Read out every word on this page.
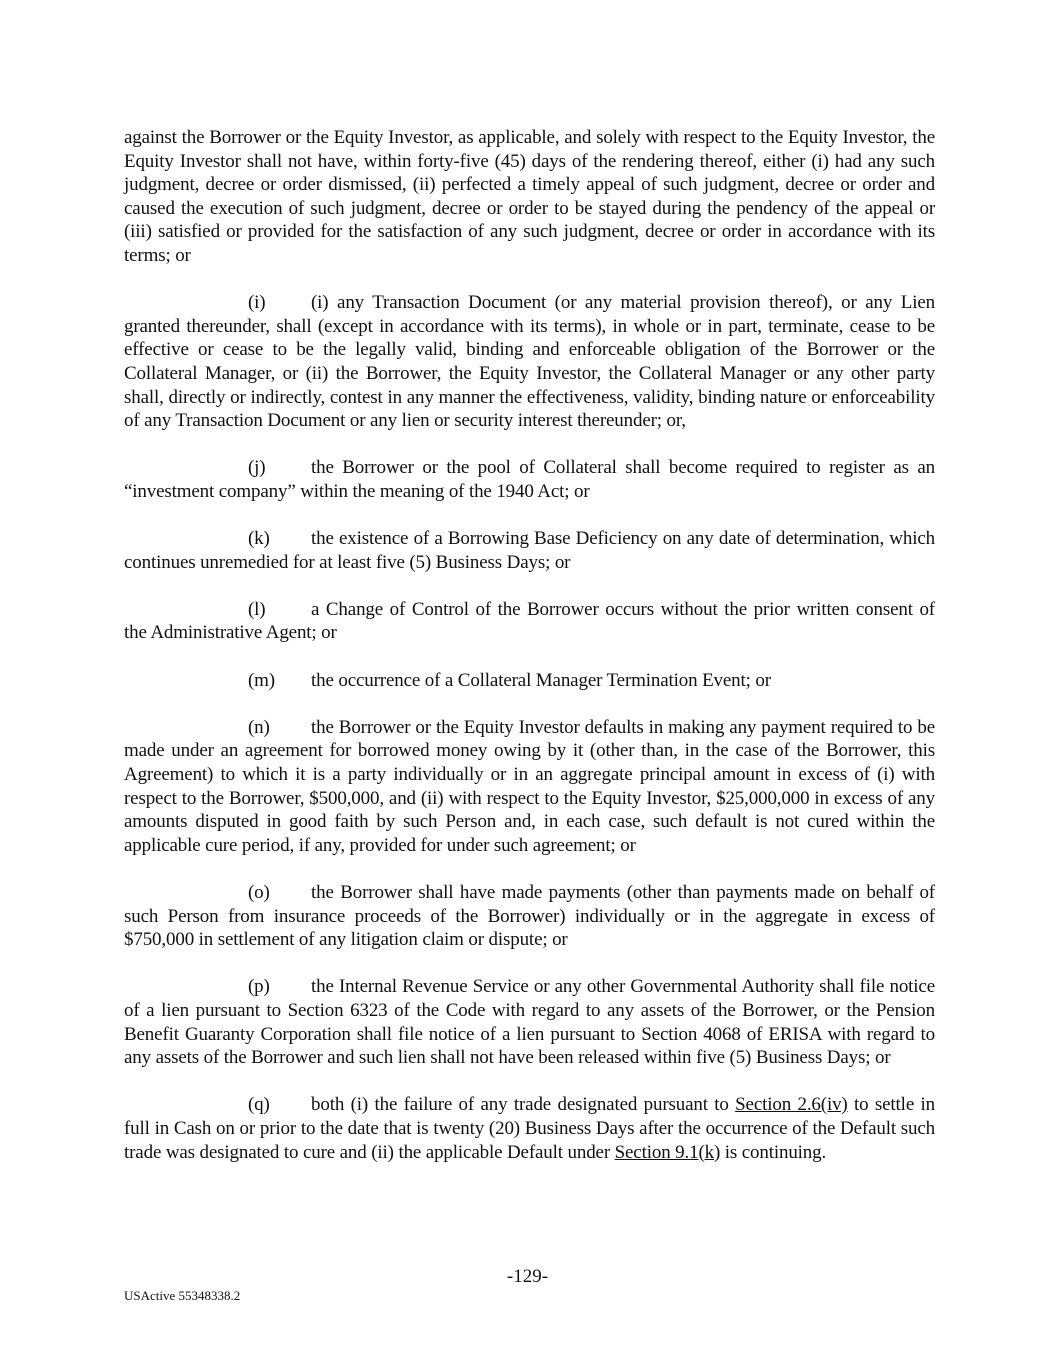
against the Borrower or the Equity Investor, as applicable, and solely with respect to the Equity Investor, the Equity Investor shall not have, within forty-five (45) days of the rendering thereof, either (i) had any such judgment, decree or order dismissed, (ii) perfected a timely appeal of such judgment, decree or order and caused the execution of such judgment, decree or order to be stayed during the pendency of the appeal or (iii) satisfied or provided for the satisfaction of any such judgment, decree or order in accordance with its terms; or

(i) (i) any Transaction Document (or any material provision thereof), or any Lien granted thereunder, shall (except in accordance with its terms), in whole or in part, terminate, cease to be effective or cease to be the legally valid, binding and enforceable obligation of the Borrower or the Collateral Manager, or (ii) the Borrower, the Equity Investor, the Collateral Manager or any other party shall, directly or indirectly, contest in any manner the effectiveness, validity, binding nature or enforceability of any Transaction Document or any lien or security interest thereunder; or,

(j) the Borrower or the pool of Collateral shall become required to register as an “investment company” within the meaning of the 1940 Act; or

(k) the existence of a Borrowing Base Deficiency on any date of determination, which continues unremedied for at least five (5) Business Days; or

(l) a Change of Control of the Borrower occurs without the prior written consent of the Administrative Agent; or

(m) the occurrence of a Collateral Manager Termination Event; or

(n) the Borrower or the Equity Investor defaults in making any payment required to be made under an agreement for borrowed money owing by it (other than, in the case of the Borrower, this Agreement) to which it is a party individually or in an aggregate principal amount in excess of (i) with respect to the Borrower, $500,000, and (ii) with respect to the Equity Investor, $25,000,000 in excess of any amounts disputed in good faith by such Person and, in each case, such default is not cured within the applicable cure period, if any, provided for under such agreement; or

(o) the Borrower shall have made payments (other than payments made on behalf of such Person from insurance proceeds of the Borrower) individually or in the aggregate in excess of $750,000 in settlement of any litigation claim or dispute; or

(p) the Internal Revenue Service or any other Governmental Authority shall file notice of a lien pursuant to Section 6323 of the Code with regard to any assets of the Borrower, or the Pension Benefit Guaranty Corporation shall file notice of a lien pursuant to Section 4068 of ERISA with regard to any assets of the Borrower and such lien shall not have been released within five (5) Business Days; or

(q) both (i) the failure of any trade designated pursuant to Section 2.6(iv) to settle in full in Cash on or prior to the date that is twenty (20) Business Days after the occurrence of the Default such trade was designated to cure and (ii) the applicable Default under Section 9.1(k) is continuing.

-129-
USActive 55348338.2
